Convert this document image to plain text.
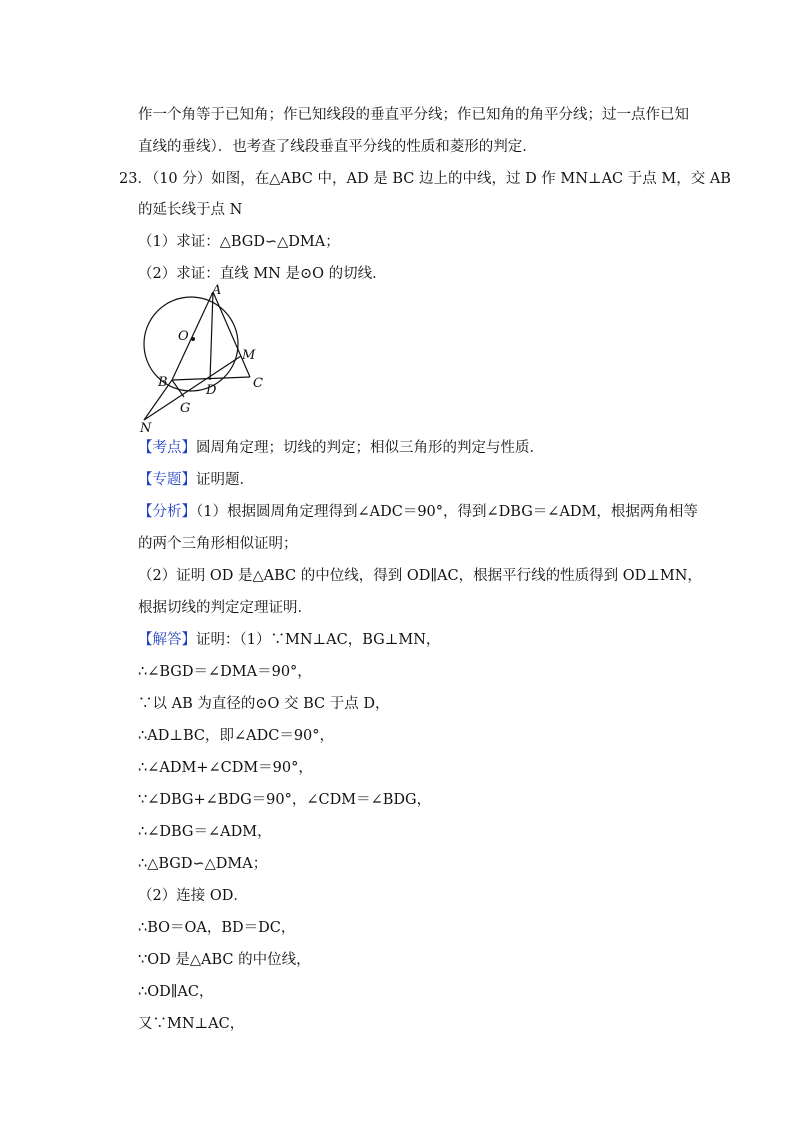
作一个角等于已知角；作已知线段的垂直平分线；作已知角的角平分线；过一点作已知
直线的垂线）．也考查了线段垂直平分线的性质和菱形的判定．
23．（10 分）如图，在△ABC 中，AD 是 BC 边上的中线，过 D 作 MN⊥AC 于点 M，交 AB
的延长线于点 N
（1）求证：△BGD∽△DMA；
（2）求证：直线 MN 是⊙O 的切线．
A
O
M
B
D	C
G
N
【考点】圆周角定理；切线的判定；相似三角形的判定与性质．
【专题】证明题．
【分析】（1）根据圆周角定理得到∠ADC＝90°，得到∠DBG＝∠ADM，根据两角相等
的两个三角形相似证明；
（2）证明 OD 是△ABC 的中位线，得到 OD∥AC，根据平行线的性质得到 OD⊥MN，
根据切线的判定定理证明．
【解答】证明：（1）∵MN⊥AC，BG⊥MN，
∴∠BGD＝∠DMA＝90°，
∵以 AB 为直径的⊙O 交 BC 于点 D，
∴AD⊥BC，即∠ADC＝90°，
∴∠ADM+∠CDM＝90°，
∵∠DBG+∠BDG＝90°，∠CDM＝∠BDG，
∴∠DBG＝∠ADM，
∴△BGD∽△DMA；
（2）连接 OD．
∴BO＝OA，BD＝DC，
∵OD 是△ABC 的中位线，
∴OD∥AC，
又∵MN⊥AC，
